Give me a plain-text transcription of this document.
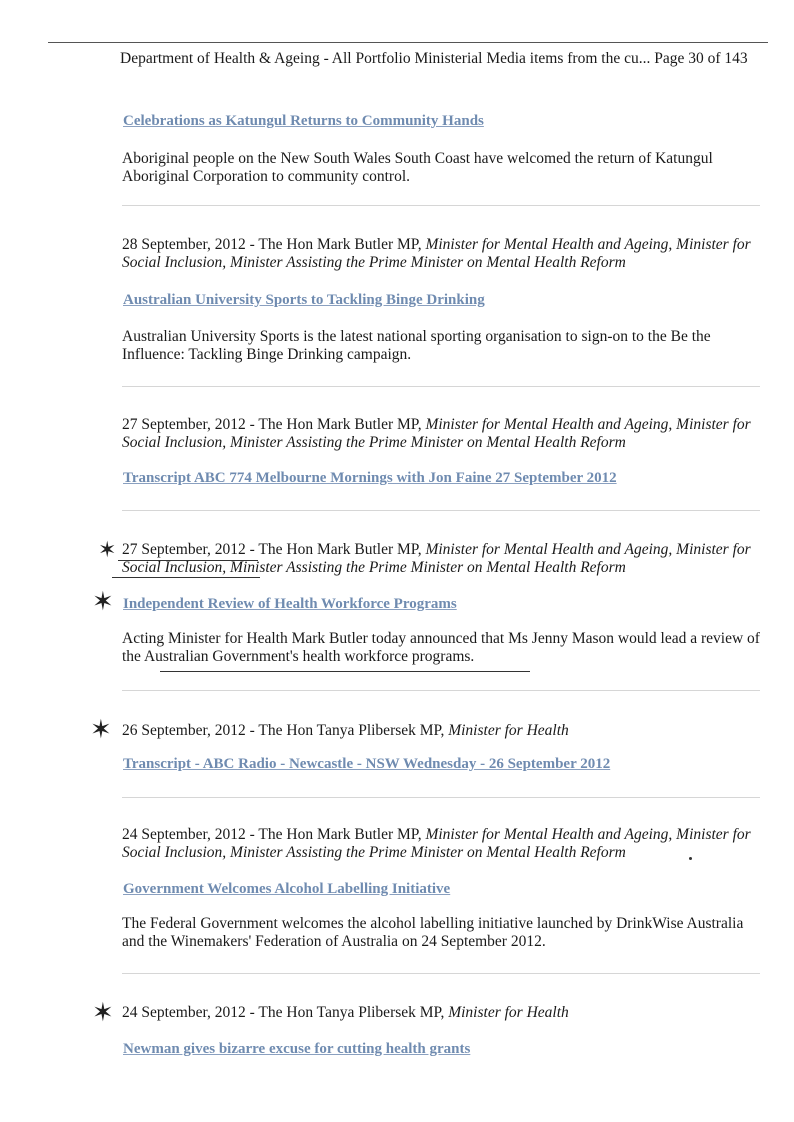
Department of Health & Ageing - All Portfolio Ministerial Media items from the cu... Page 30 of 143
Celebrations as Katungul Returns to Community Hands
Aboriginal people on the New South Wales South Coast have welcomed the return of Katungul Aboriginal Corporation to community control.
28 September, 2012 - The Hon Mark Butler MP, Minister for Mental Health and Ageing, Minister for Social Inclusion, Minister Assisting the Prime Minister on Mental Health Reform
Australian University Sports to Tackling Binge Drinking
Australian University Sports is the latest national sporting organisation to sign-on to the Be the Influence: Tackling Binge Drinking campaign.
27 September, 2012 - The Hon Mark Butler MP, Minister for Mental Health and Ageing, Minister for Social Inclusion, Minister Assisting the Prime Minister on Mental Health Reform
Transcript ABC 774 Melbourne Mornings with Jon Faine 27 September 2012
✶ 27 September, 2012 - The Hon Mark Butler MP, Minister for Mental Health and Ageing, Minister for Social Inclusion, Minister Assisting the Prime Minister on Mental Health Reform
✶ Independent Review of Health Workforce Programs
Acting Minister for Health Mark Butler today announced that Ms Jenny Mason would lead a review of the Australian Government's health workforce programs.
✶ 26 September, 2012 - The Hon Tanya Plibersek MP, Minister for Health
Transcript - ABC Radio - Newcastle - NSW Wednesday - 26 September 2012
24 September, 2012 - The Hon Mark Butler MP, Minister for Mental Health and Ageing, Minister for Social Inclusion, Minister Assisting the Prime Minister on Mental Health Reform
Government Welcomes Alcohol Labelling Initiative
The Federal Government welcomes the alcohol labelling initiative launched by DrinkWise Australia and the Winemakers' Federation of Australia on 24 September 2012.
✶ 24 September, 2012 - The Hon Tanya Plibersek MP, Minister for Health
Newman gives bizarre excuse for cutting health grants
